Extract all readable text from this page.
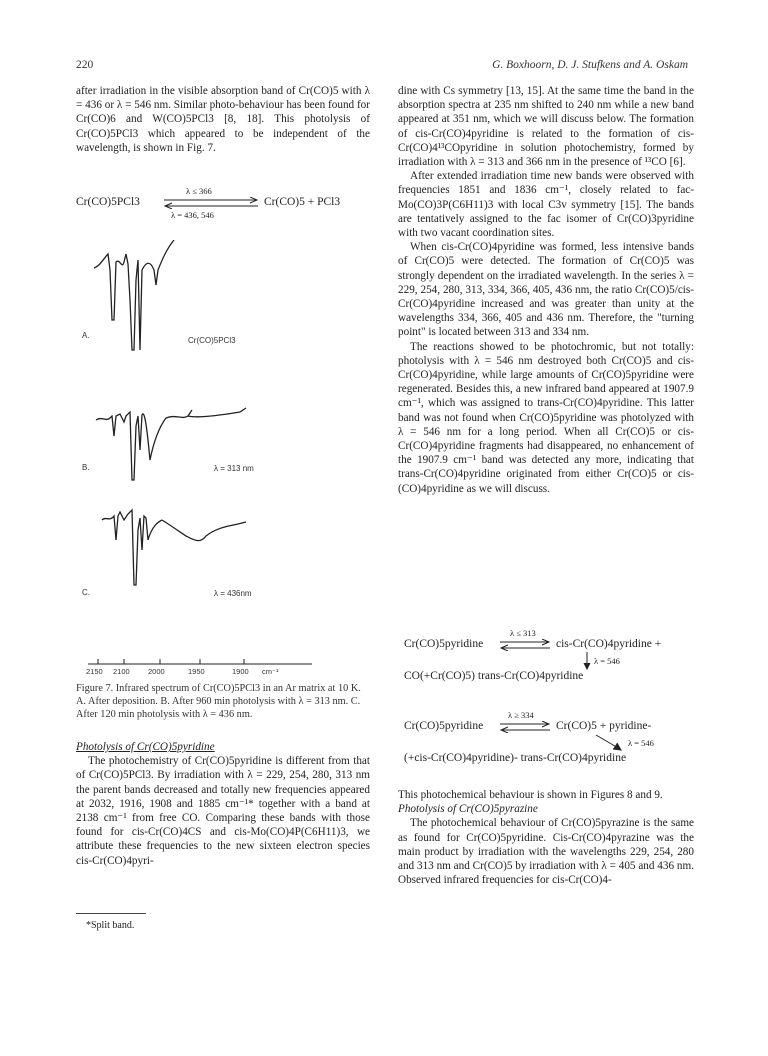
220	G. Boxhoorn, D. J. Stufkens and A. Oskam

after irradiation in the visible absorption band of Cr(CO)5 with λ = 436 or λ = 546 nm. Similar photo-behaviour has been found for Cr(CO)6 and W(CO)5PCl3 [8, 18]. This photolysis of Cr(CO)5PCl3 which appeared to be independent of the wavelength, is shown in Fig. 7.

Cr(CO)5PCl3
λ ≤ 366
λ = 436, 546
Cr(CO)5 + PCl3
A.
Cr(CO)5PCl3
B.	λ = 313 nm
C.	λ = 436nm
2150 2100 2000	1950	1900 cm⁻¹
Figure 7. Infrared spectrum of Cr(CO)5PCl3 in an Ar matrix at 10 K. A. After deposition. B. After 960 min photolysis with λ = 313 nm. C. After 120 min photolysis with λ = 436 nm.

Photolysis of Cr(CO)5pyridine

The photochemistry of Cr(CO)5pyridine is different from that of Cr(CO)5PCl3. By irradiation with λ = 229, 254, 280, 313 nm the parent bands decreased and totally new frequencies appeared at 2032, 1916, 1908 and 1885 cm⁻¹* together with a band at 2138 cm⁻¹ from free CO. Comparing these bands with those found for cis-Cr(CO)4CS and cis-Mo(CO)4P(C6H11)3, we attribute these frequencies to the new sixteen electron species cis-Cr(CO)4pyri-

*Split band.

dine with Cs symmetry [13, 15]. At the same time the band in the absorption spectra at 235 nm shifted to 240 nm while a new band appeared at 351 nm, which we will discuss below. The formation of cis-Cr(CO)4pyridine is related to the formation of cis-Cr(CO)4¹³COpyridine in solution photochemistry, formed by irradiation with λ = 313 and 366 nm in the presence of ¹³CO [6].

After extended irradiation time new bands were observed with frequencies 1851 and 1836 cm⁻¹, closely related to fac-Mo(CO)3P(C6H11)3 with local C3v symmetry [15]. The bands are tentatively assigned to the fac isomer of Cr(CO)3pyridine with two vacant coordination sites.

When cis-Cr(CO)4pyridine was formed, less intensive bands of Cr(CO)5 were detected. The formation of Cr(CO)5 was strongly dependent on the irradiated wavelength. In the series λ = 229, 254, 280, 313, 334, 366, 405, 436 nm, the ratio Cr(CO)5/cis-Cr(CO)4pyridine increased and was greater than unity at the wavelengths 334, 366, 405 and 436 nm. Therefore, the "turning point" is located between 313 and 334 nm.

The reactions showed to be photochromic, but not totally: photolysis with λ = 546 nm destroyed both Cr(CO)5 and cis-Cr(CO)4pyridine, while large amounts of Cr(CO)5pyridine were regenerated. Besides this, a new infrared band appeared at 1907.9 cm⁻¹, which was assigned to trans-Cr(CO)4pyridine. This latter band was not found when Cr(CO)5pyridine was photolyzed with λ = 546 nm for a long period. When all Cr(CO)5 or cis-Cr(CO)4pyridine fragments had disappeared, no enhancement of the 1907.9 cm⁻¹ band was detected any more, indicating that trans-Cr(CO)4pyridine originated from either Cr(CO)5 or cis-(CO)4pyridine as we will discuss.

λ ≤ 313
Cr(CO)5pyridine	cis-Cr(CO)4pyridine +
λ = 546
CO(+Cr(CO)5) trans-Cr(CO)4pyridine
λ ≥ 334
Cr(CO)5pyridine	Cr(CO)5 + pyridine-
λ = 546
(+cis-Cr(CO)4pyridine)- trans-Cr(CO)4pyridine

This photochemical behaviour is shown in Figures 8 and 9.

Photolysis of Cr(CO)5pyrazine

The photochemical behaviour of Cr(CO)5pyrazine is the same as found for Cr(CO)5pyridine. Cis-Cr(CO)4pyrazine was the main product by irradiation with the wavelengths 229, 254, 280 and 313 nm and Cr(CO)5 by irradiation with λ = 405 and 436 nm. Observed infrared frequencies for cis-Cr(CO)4-
